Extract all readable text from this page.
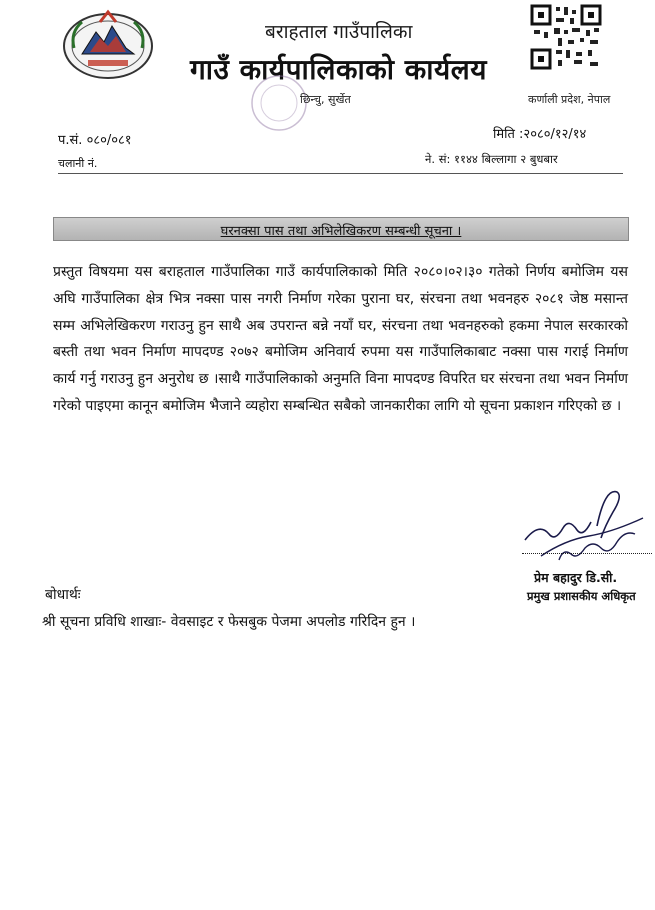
बराहताल गाउँपालिका
गाउँ कार्यपालिकाको कार्यलय
छिन्चु, सुर्खेत	कर्णाली प्रदेश, नेपाल
प.सं. ०८०/०८१	मिति :२०८०/१२/१४
चलानी नं.	ने. सं: ११४४ बिल्लागा २ बुधबार
घरनक्सा पास तथा अभिलेखिकरण सम्बन्धी सूचना ।
प्रस्तुत विषयमा यस बराहताल गाउँपालिका गाउँ कार्यपालिकाको मिति २०८०।०२।३० गतेको निर्णय बमोजिम यस अघि गाउँपालिका क्षेत्र भित्र नक्सा पास नगरी निर्माण गरेका पुराना घर, संरचना तथा भवनहरु २०८१ जेष्ठ मसान्त सम्म अभिलेखिकरण गराउनु हुन साथै अब उपरान्त बन्ने नयाँ घर, संरचना तथा भवनहरुको हकमा नेपाल सरकारको बस्ती तथा भवन निर्माण मापदण्ड २०७२ बमोजिम अनिवार्य रुपमा यस गाउँपालिकाबाट नक्सा पास गराई निर्माण कार्य गर्नु गराउनु हुन अनुरोध छ ।साथै गाउँपालिकाको अनुमति विना मापदण्ड विपरित घर संरचना तथा भवन निर्माण गरेको पाइएमा कानून बमोजिम भैजाने व्यहोरा सम्बन्धित सबैको जानकारीका लागि यो सूचना प्रकाशन गरिएको छ ।
प्रेम बहादुर डि.सी.
प्रमुख प्रशासकीय अधिकृत
बोधार्थः
श्री सूचना प्रविधि शाखाः- वेवसाइट र फेसबुक पेजमा अपलोड गरिदिन हुन ।
